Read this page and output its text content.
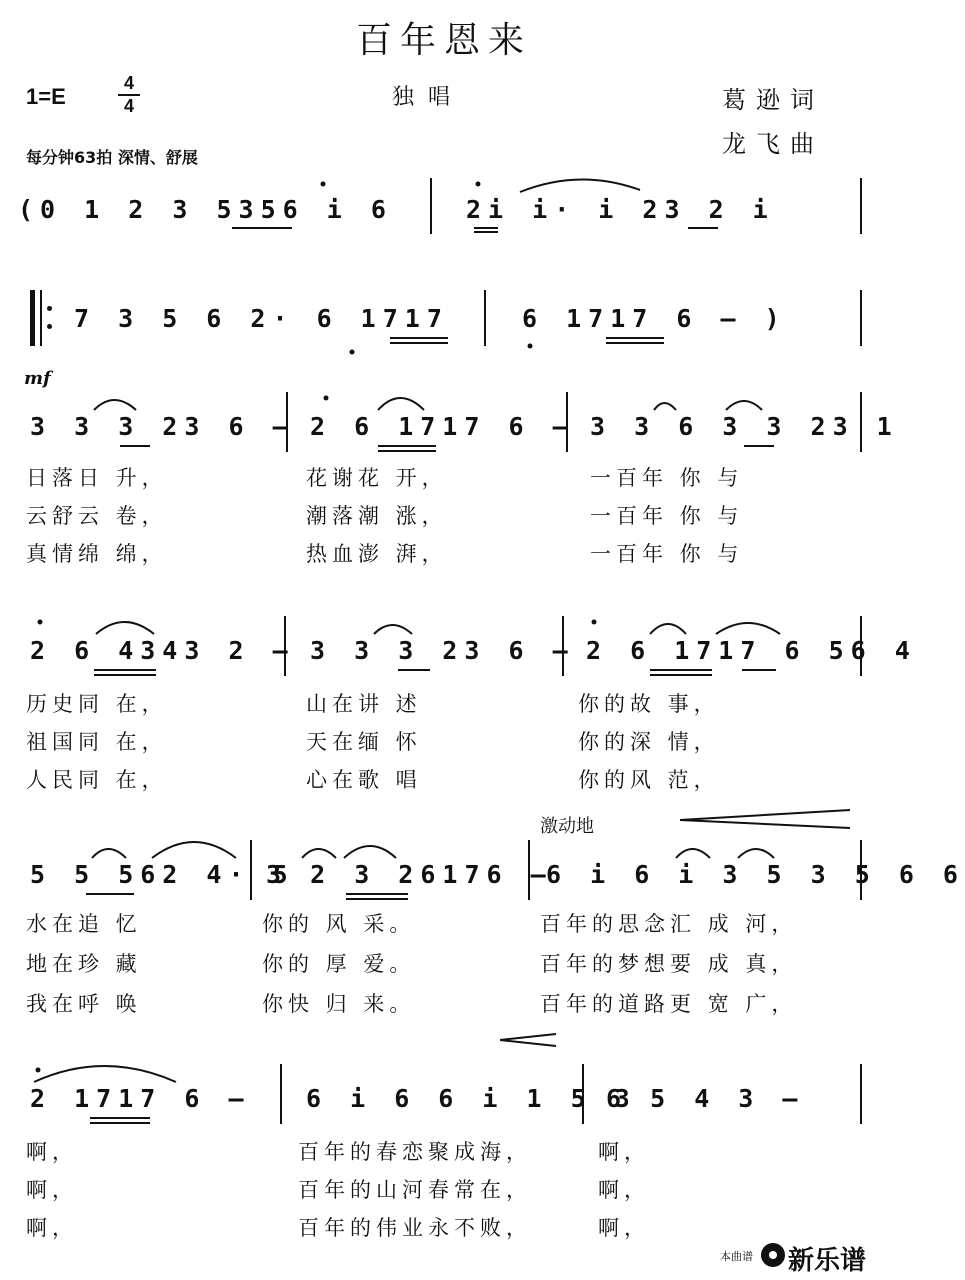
百年恩来
1=E
4
4	独唱	葛逊词
龙飞曲
每分钟63拍 深情、舒展
(0 1 2 3 5356 i 6	2i i· i 23 2 i
7 3 5 6 2· 6 1717	6 1717 6 – )
mf
3 3 3 23 6 – 2 6 1717 6 – 3 3 6 3 3 23 1
日落日 升，	花谢花 开，	一百年 你 与
云舒云 卷，	潮落潮 涨，	一百年 你 与
真情绵 绵，	热血澎 湃，	一百年 你 与
2 6 4343 2 – 3 3 3 23 6 – 2 6 1717 6 56 4
历史同 在，	山在讲 述	你的故 事，
祖国同 在，	天在缅 怀	你的深 情，
人民同 在，	心在歌 唱	你的风 范，
激动地
5 5 562 4· 5
3 2 3 26176 –
6 i 6 i 3 5 3 5 6 6
水在追 忆	你的 风 采。	百年的思念汇 成 河，
地在珍 藏	你的 厚 爱。	百年的梦想要 成 真，
我在呼 唤	你快 归 来。	百年的道路更 宽 广，
2 1717 6 – 6 i 6 6 i 1 5 3
6 5 4 3 –
啊，	百年的春恋聚成海，	啊，
啊，	百年的山河春常在，	啊，
啊，	百年的伟业永不败，	啊，
本曲谱 新乐谱
